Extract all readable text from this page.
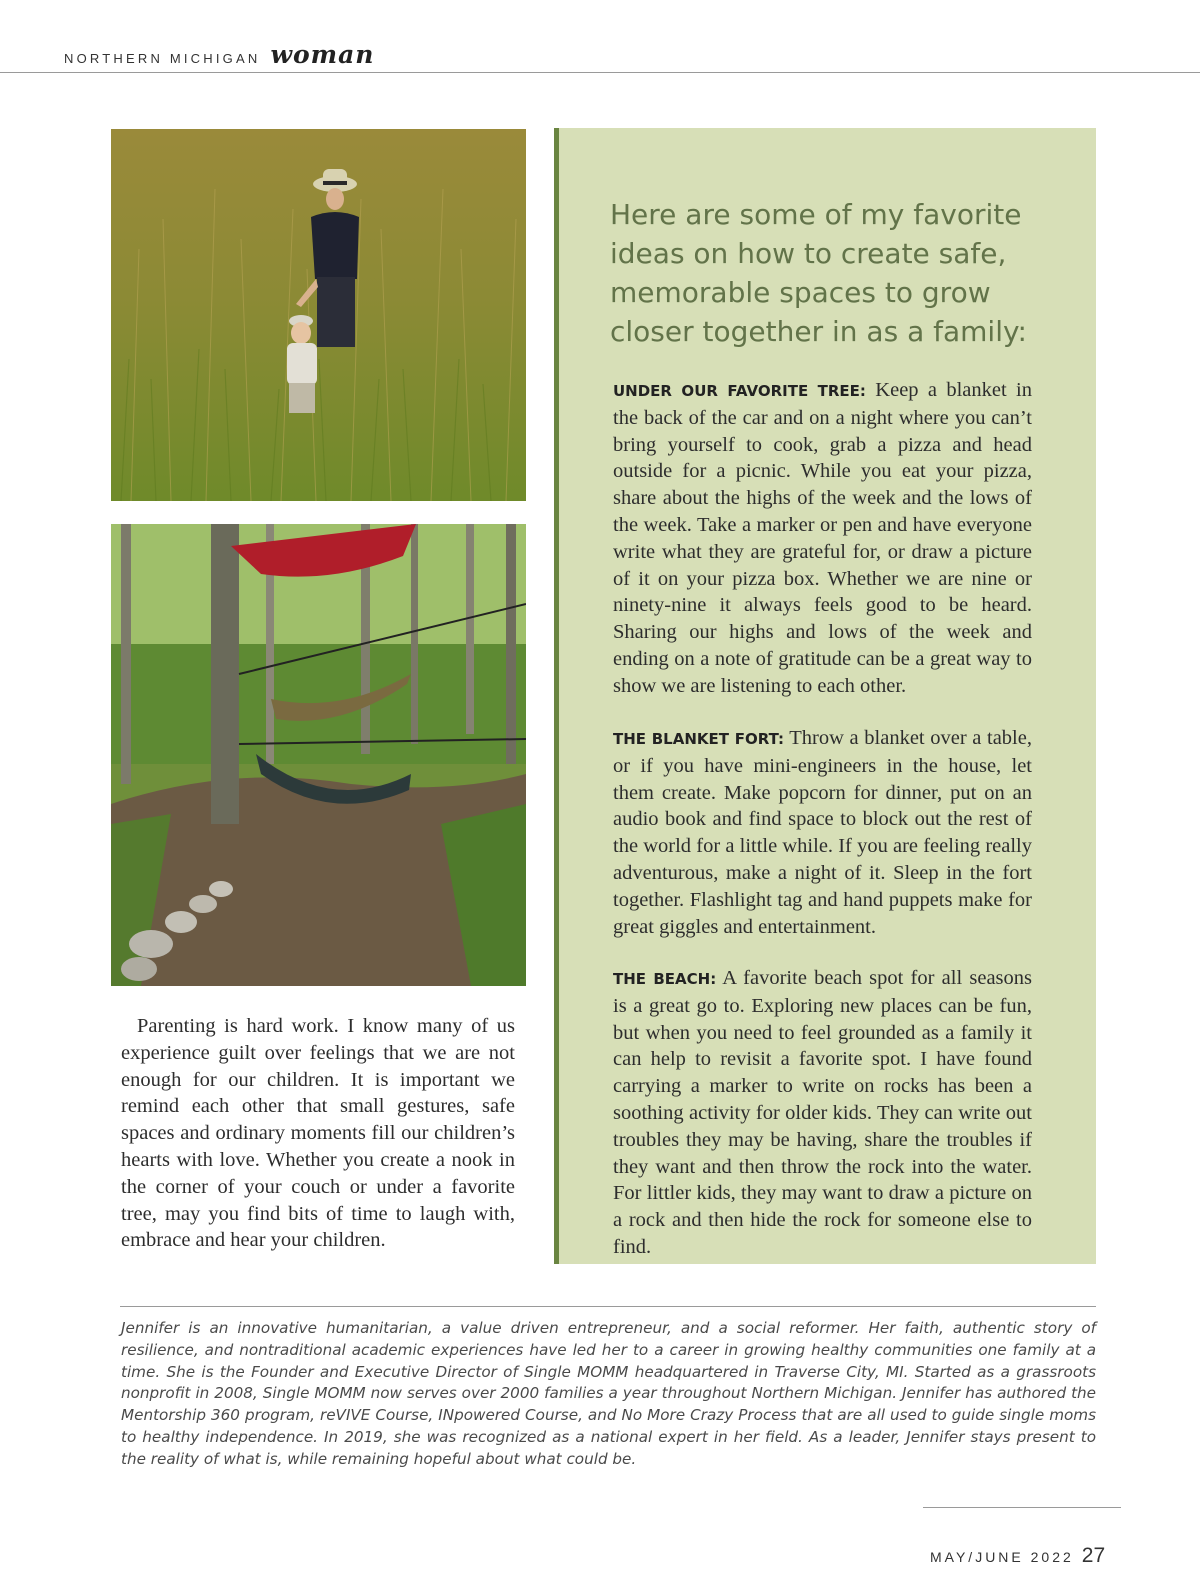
NORTHERN MICHIGAN woman

Parenting is hard work. I know many of us experience guilt over feelings that we are not enough for our children. It is important we remind each other that small gestures, safe spaces and ordinary moments fill our children’s hearts with love. Whether you create a nook in the corner of your couch or under a favorite tree, may you find bits of time to laugh with, embrace and hear your children.

Here are some of my favorite ideas on how to create safe, memorable spaces to grow closer together in as a family:

UNDER OUR FAVORITE TREE: Keep a blanket in the back of the car and on a night where you can’t bring yourself to cook, grab a pizza and head outside for a picnic. While you eat your pizza, share about the highs of the week and the lows of the week. Take a marker or pen and have everyone write what they are grateful for, or draw a picture of it on your pizza box. Whether we are nine or ninety-nine it always feels good to be heard. Sharing our highs and lows of the week and ending on a note of gratitude can be a great way to show we are listening to each other.

THE BLANKET FORT: Throw a blanket over a table, or if you have mini-engineers in the house, let them create. Make popcorn for dinner, put on an audio book and find space to block out the rest of the world for a little while. If you are feeling really adventurous, make a night of it. Sleep in the fort together. Flashlight tag and hand puppets make for great giggles and entertainment.

THE BEACH: A favorite beach spot for all seasons is a great go to. Exploring new places can be fun, but when you need to feel grounded as a family it can help to revisit a favorite spot. I have found carrying a marker to write on rocks has been a soothing activity for older kids. They can write out troubles they may be having, share the troubles if they want and then throw the rock into the water. For littler kids, they may want to draw a picture on a rock and then hide the rock for someone else to find.

Jennifer is an innovative humanitarian, a value driven entrepreneur, and a social reformer. Her faith, authentic story of resilience, and nontraditional academic experiences have led her to a career in growing healthy communities one family at a time. She is the Founder and Executive Director of Single MOMM headquartered in Traverse City, MI. Started as a grassroots nonprofit in 2008, Single MOMM now serves over 2000 families a year throughout Northern Michigan. Jennifer has authored the Mentorship 360 program, reVIVE Course, INpowered Course, and No More Crazy Process that are all used to guide single moms to healthy independence. In 2019, she was recognized as a national expert in her field. As a leader, Jennifer stays present to the reality of what is, while remaining hopeful about what could be.

MAY/JUNE 2022 27
